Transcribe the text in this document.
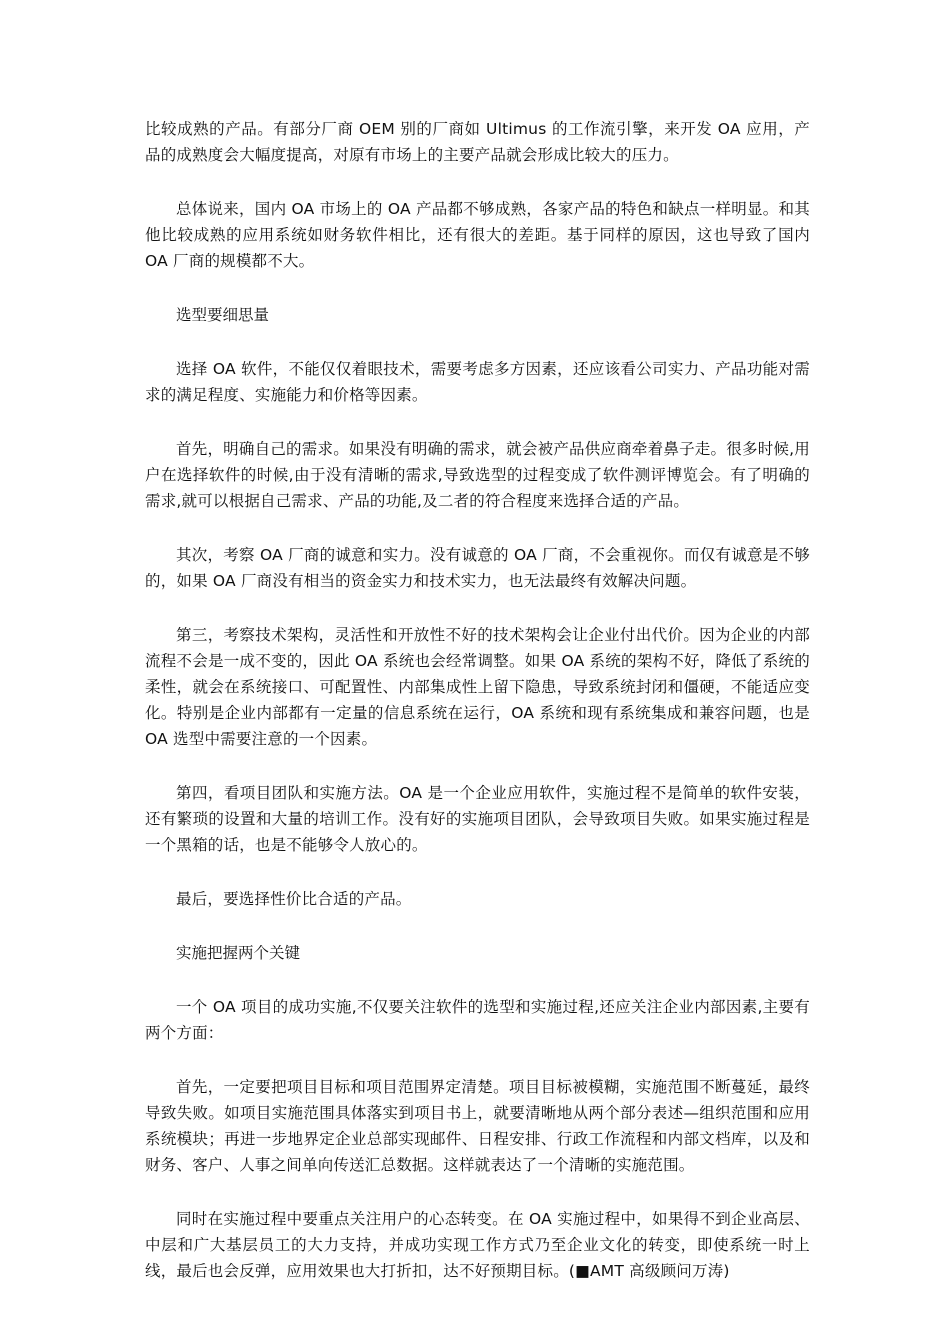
比较成熟的产品。有部分厂商 OEM 别的厂商如 Ultimus 的工作流引擎，来开发 OA 应用，产品的成熟度会大幅度提高，对原有市场上的主要产品就会形成比较大的压力。

总体说来，国内 OA 市场上的 OA 产品都不够成熟，各家产品的特色和缺点一样明显。和其他比较成熟的应用系统如财务软件相比，还有很大的差距。基于同样的原因，这也导致了国内 OA 厂商的规模都不大。

选型要细思量

选择 OA 软件，不能仅仅着眼技术，需要考虑多方因素，还应该看公司实力、产品功能对需求的满足程度、实施能力和价格等因素。

首先，明确自己的需求。如果没有明确的需求，就会被产品供应商牵着鼻子走。很多时候,用户在选择软件的时候,由于没有清晰的需求,导致选型的过程变成了软件测评博览会。有了明确的需求,就可以根据自己需求、产品的功能,及二者的符合程度来选择合适的产品。

其次，考察 OA 厂商的诚意和实力。没有诚意的 OA 厂商，不会重视你。而仅有诚意是不够的，如果 OA 厂商没有相当的资金实力和技术实力，也无法最终有效解决问题。

第三，考察技术架构，灵活性和开放性不好的技术架构会让企业付出代价。因为企业的内部流程不会是一成不变的，因此 OA 系统也会经常调整。如果 OA 系统的架构不好，降低了系统的柔性，就会在系统接口、可配置性、内部集成性上留下隐患，导致系统封闭和僵硬，不能适应变化。特别是企业内部都有一定量的信息系统在运行，OA 系统和现有系统集成和兼容问题，也是 OA 选型中需要注意的一个因素。

第四，看项目团队和实施方法。OA 是一个企业应用软件，实施过程不是简单的软件安装，还有繁琐的设置和大量的培训工作。没有好的实施项目团队，会导致项目失败。如果实施过程是一个黑箱的话，也是不能够令人放心的。

最后，要选择性价比合适的产品。

实施把握两个关键

一个 OA 项目的成功实施,不仅要关注软件的选型和实施过程,还应关注企业内部因素,主要有两个方面：

首先，一定要把项目目标和项目范围界定清楚。项目目标被模糊，实施范围不断蔓延，最终导致失败。如项目实施范围具体落实到项目书上，就要清晰地从两个部分表述—组织范围和应用系统模块；再进一步地界定企业总部实现邮件、日程安排、行政工作流程和内部文档库，以及和财务、客户、人事之间单向传送汇总数据。这样就表达了一个清晰的实施范围。

同时在实施过程中要重点关注用户的心态转变。在 OA 实施过程中，如果得不到企业高层、中层和广大基层员工的大力支持，并成功实现工作方式乃至企业文化的转变，即使系统一时上线，最后也会反弹，应用效果也大打折扣，达不好预期目标。(■AMT 高级顾问万涛)
